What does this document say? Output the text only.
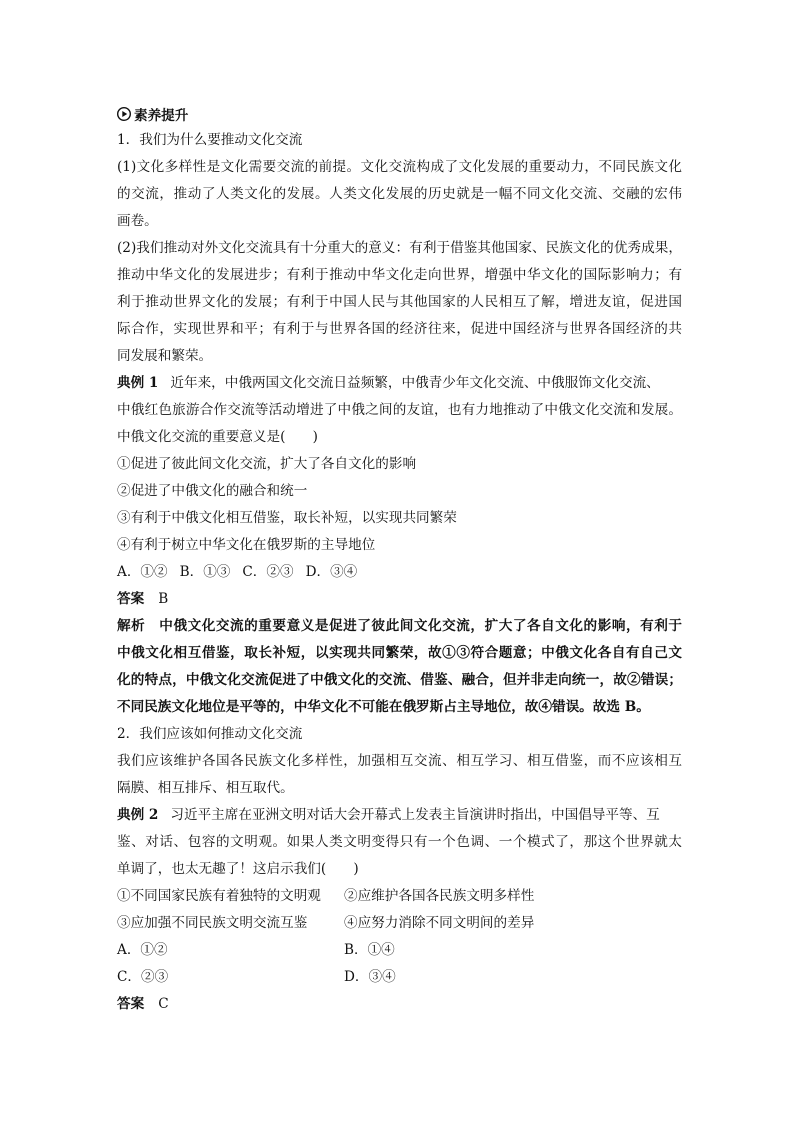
素养提升
1．我们为什么要推动文化交流
(1)文化多样性是文化需要交流的前提。文化交流构成了文化发展的重要动力，不同民族文化
的交流，推动了人类文化的发展。人类文化发展的历史就是一幅不同文化交流、交融的宏伟
画卷。
(2)我们推动对外文化交流具有十分重大的意义：有利于借鉴其他国家、民族文化的优秀成果，
推动中华文化的发展进步；有利于推动中华文化走向世界，增强中华文化的国际影响力；有
利于推动世界文化的发展；有利于中国人民与其他国家的人民相互了解，增进友谊，促进国
际合作，实现世界和平；有利于与世界各国的经济往来，促进中国经济与世界各国经济的共
同发展和繁荣。
典例 1 近年来，中俄两国文化交流日益频繁，中俄青少年文化交流、中俄服饰文化交流、
中俄红色旅游合作交流等活动增进了中俄之间的友谊，也有力地推动了中俄文化交流和发展。
中俄文化交流的重要意义是(　　)
①促进了彼此间文化交流，扩大了各自文化的影响
②促进了中俄文化的融合和统一
③有利于中俄文化相互借鉴，取长补短，以实现共同繁荣
④有利于树立中华文化在俄罗斯的主导地位
A．①② B．①③ C．②③ D．③④
答案 B
解析 中俄文化交流的重要意义是促进了彼此间文化交流，扩大了各自文化的影响，有利于
中俄文化相互借鉴，取长补短，以实现共同繁荣，故①③符合题意；中俄文化各自有自己文
化的特点，中俄文化交流促进了中俄文化的交流、借鉴、融合，但并非走向统一，故②错误；
不同民族文化地位是平等的，中华文化不可能在俄罗斯占主导地位，故④错误。故选 B。
2．我们应该如何推动文化交流
我们应该维护各国各民族文化多样性，加强相互交流、相互学习、相互借鉴，而不应该相互
隔膜、相互排斥、相互取代。
典例 2 习近平主席在亚洲文明对话大会开幕式上发表主旨演讲时指出，中国倡导平等、互
鉴、对话、包容的文明观。如果人类文明变得只有一个色调、一个模式了，那这个世界就太
单调了，也太无趣了！这启示我们(　　)
①不同国家民族有着独特的文明观	②应维护各国各民族文明多样性
③应加强不同民族文明交流互鉴	④应努力消除不同文明间的差异
A．①②	B．①④
C．②③	D．③④
答案 C
